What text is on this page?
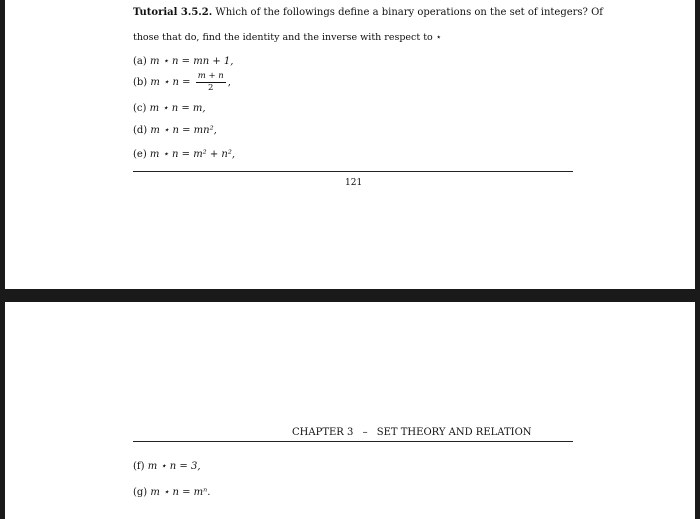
Tutorial 3.5.2. Which of the followings define a binary operations on the set of integers? Of
those that do, find the identity and the inverse with respect to ⋆
(a) m ⋆ n = mn + 1,
(b) m ⋆ $n = \frac{m + n}{2}$ ,
(c) m ⋆ n = m,
(d) m ⋆ n = mn²,
(e) m ⋆ n = m² + n²,
121
CHAPTER 3 – SET THEORY AND RELATION
(f) m ⋆ n = 3,
(g) m ⋆ n = mⁿ.
